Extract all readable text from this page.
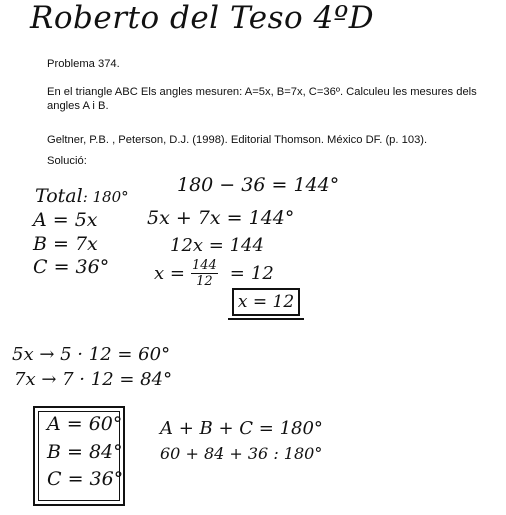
Roberto del Teso 4ºD
Problema 374.
En el triangle ABC Els angles mesuren: A=5x, B=7x, C=36º. Calculeu les mesures dels angles A i B.
Geltner, P.B. , Peterson, D.J. (1998). Editorial Thomson. México DF. (p. 103).
Solució:
Total: 180°
A = 5x
B = 7x
C = 36°
180 − 36 = 144°
5x + 7x = 144°
12x = 144
$x = \frac{144}{12} = 12$
x = 12
5x → 5 · 12 = 60°
7x → 7 · 12 = 84°
A = 60°
B = 84°
C = 36°
A + B + C = 180°
60 + 84 + 36 : 180°
